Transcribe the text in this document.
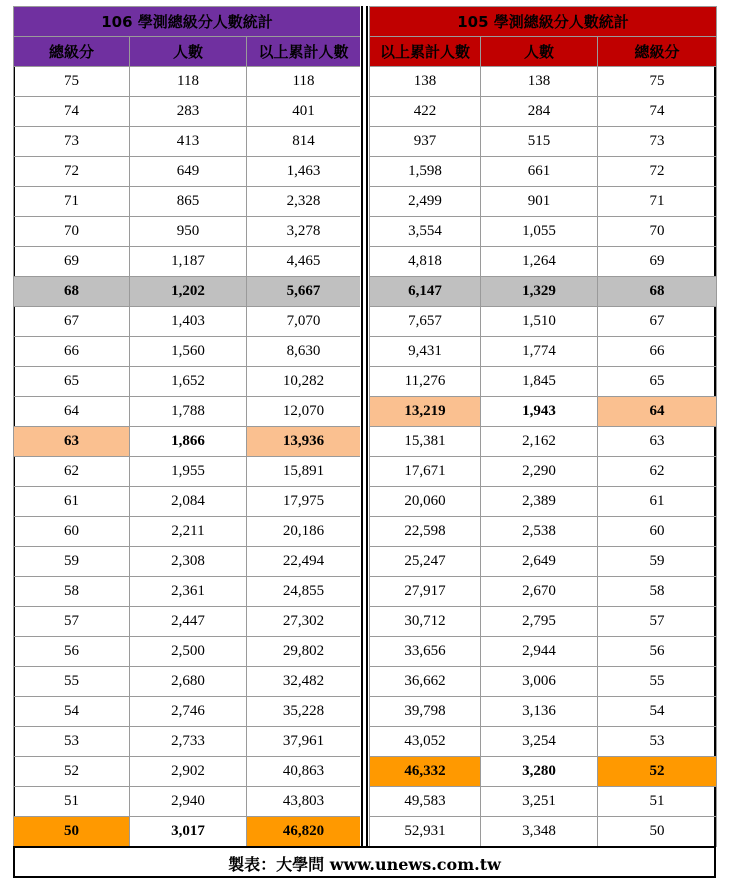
106 學測總級分人數統計		
總級分	人數	以上累計人數
75	118	118
74	283	401
73	413	814
72	649	1,463
71	865	2,328
70	950	3,278
69	1,187	4,465
68	1,202	5,667
67	1,403	7,070
66	1,560	8,630
65	1,652	10,282
64	1,788	12,070
63	1,866	13,936
62	1,955	15,891
61	2,084	17,975
60	2,211	20,186
59	2,308	22,494
58	2,361	24,855
57	2,447	27,302
56	2,500	29,802
55	2,680	32,482
54	2,746	35,228
53	2,733	37,961
52	2,902	40,863
51	2,940	43,803
50	3,017	46,820
105 學測總級分人數統計		
以上累計人數	人數	總級分
138	138	75
422	284	74
937	515	73
1,598	661	72
2,499	901	71
3,554	1,055	70
4,818	1,264	69
6,147	1,329	68
7,657	1,510	67
9,431	1,774	66
11,276	1,845	65
13,219	1,943	64
15,381	2,162	63
17,671	2,290	62
20,060	2,389	61
22,598	2,538	60
25,247	2,649	59
27,917	2,670	58
30,712	2,795	57
33,656	2,944	56
36,662	3,006	55
39,798	3,136	54
43,052	3,254	53
46,332	3,280	52
49,583	3,251	51
52,931	3,348	50
製表：大學問 www.unews.com.tw
